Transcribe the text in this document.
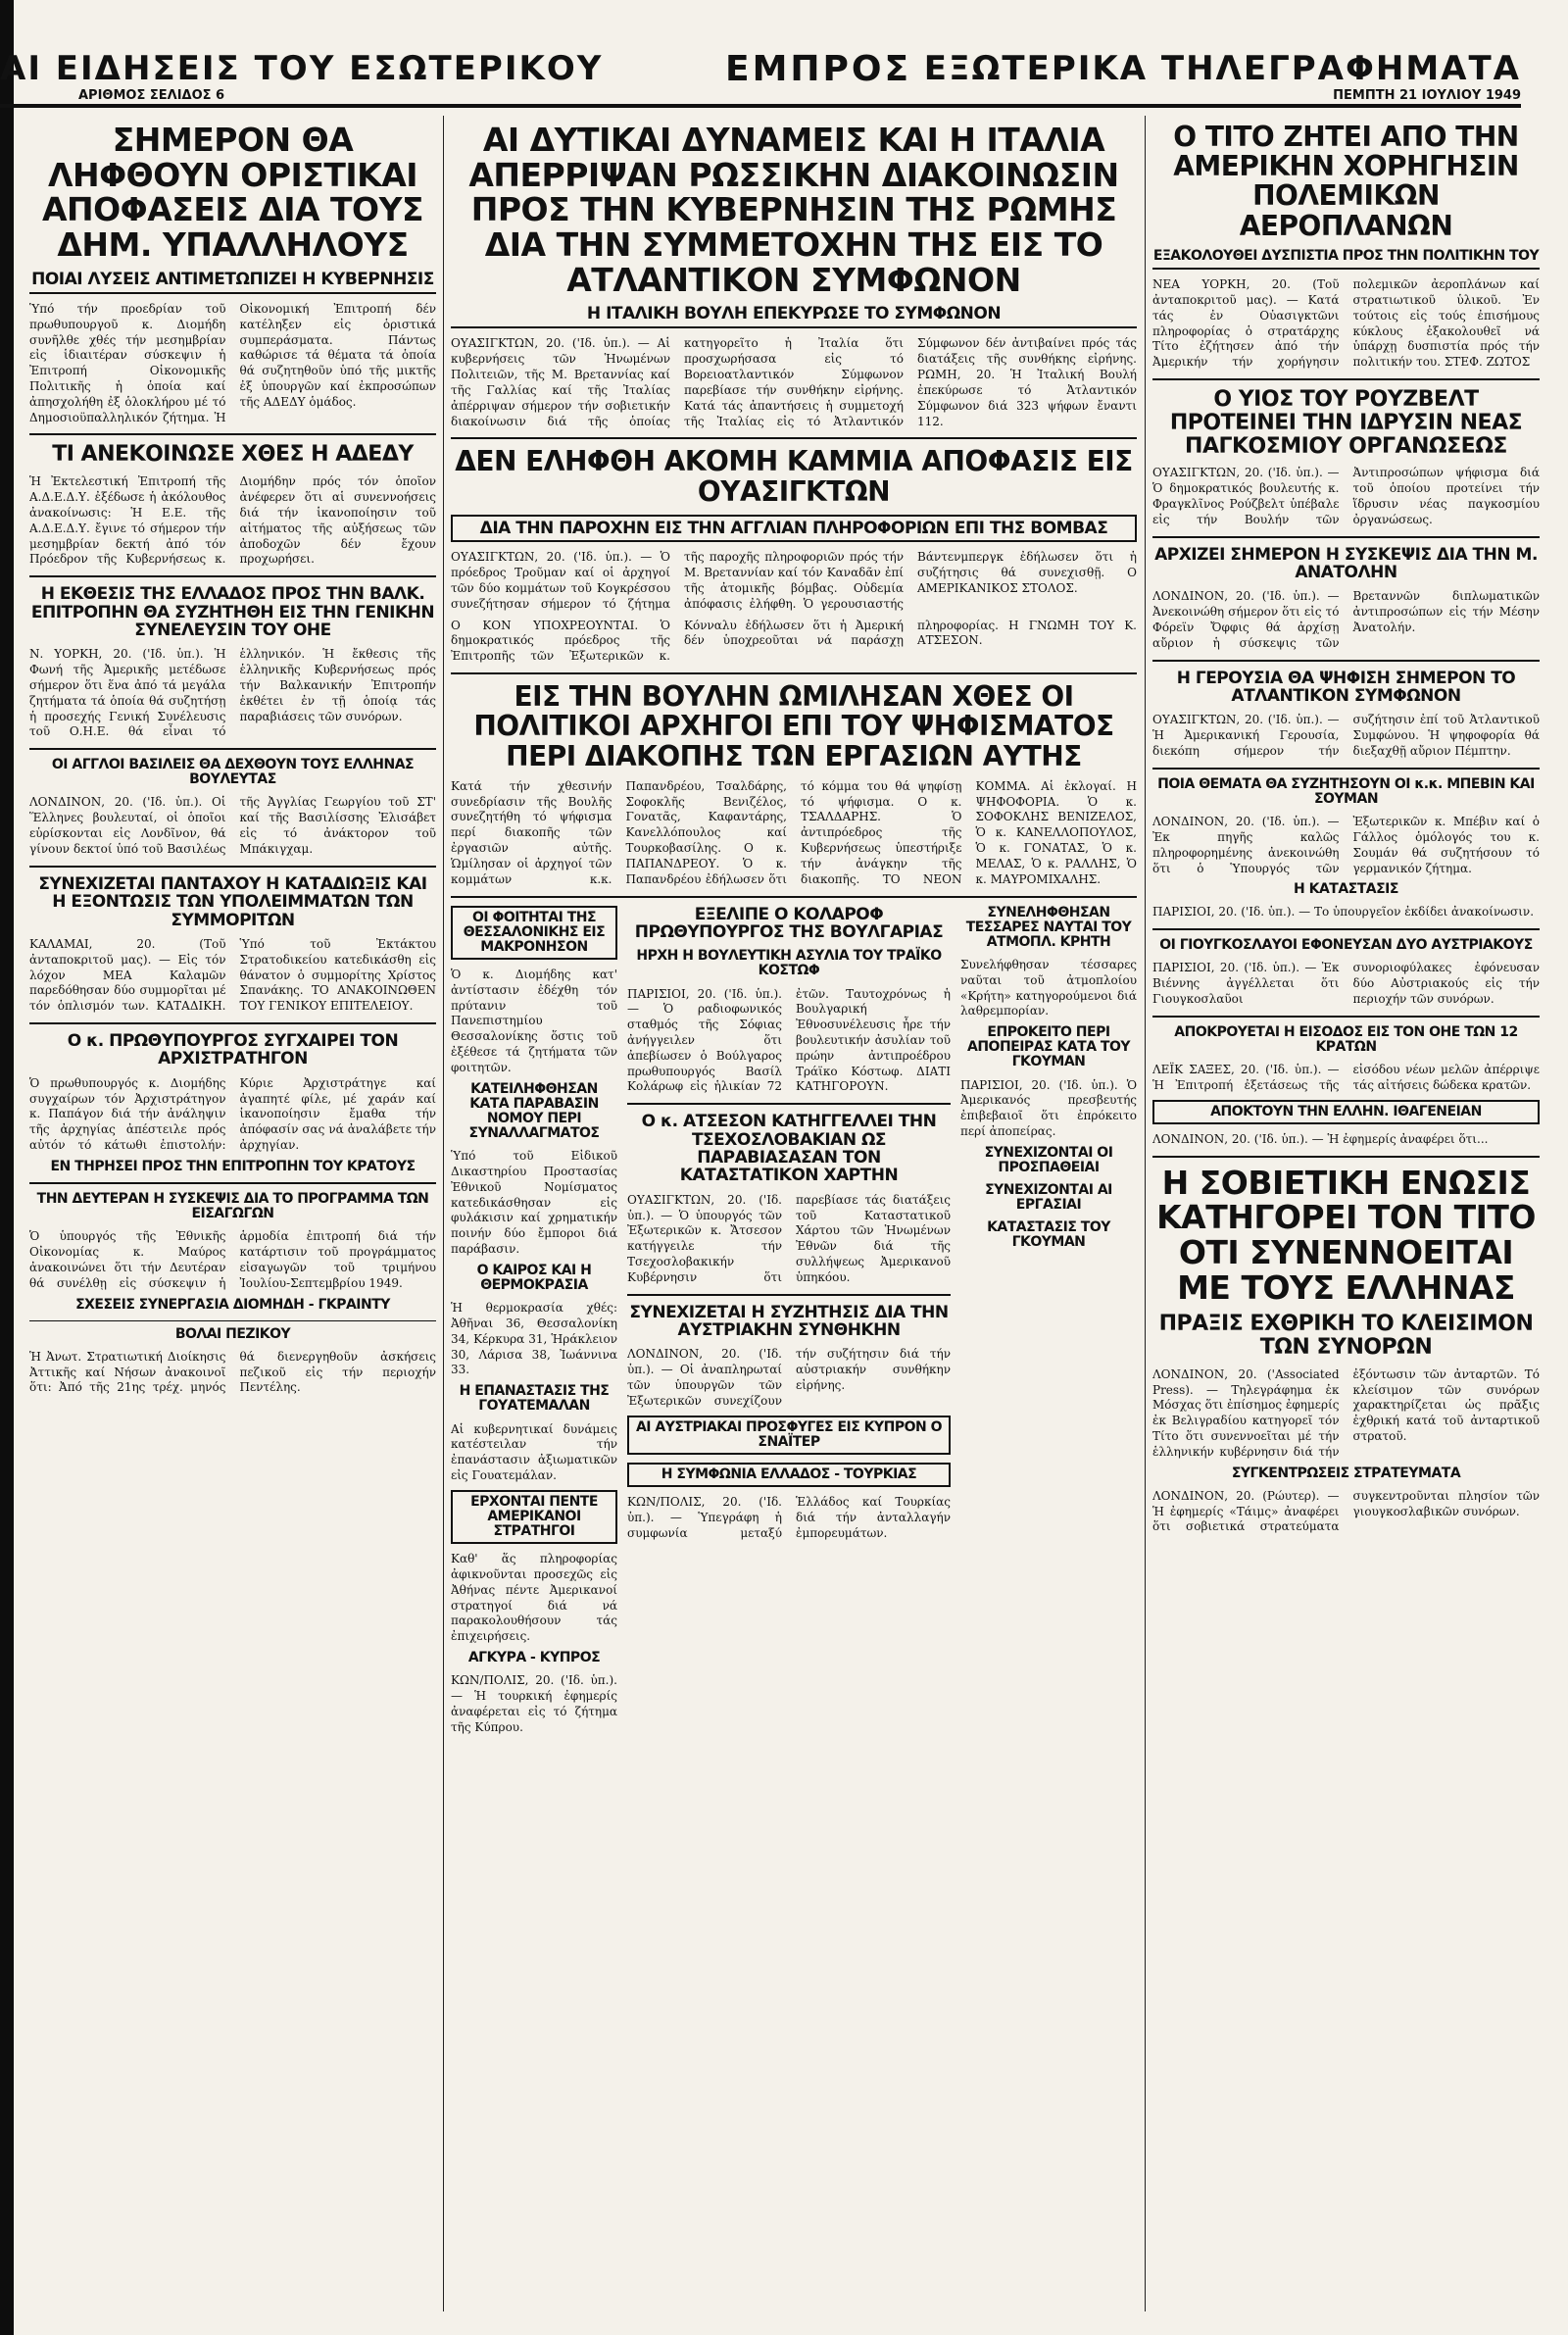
ΑΙ ΕΙΔΗΣΕΙΣ ΤΟΥ ΕΣΩΤΕΡΙΚΟΥ
ΑΡΙΘΜΟΣ ΣΕΛΙΔΟΣ 6
ΕΜΠΡΟΣ ΕΞΩΤΕΡΙΚΑ ΤΗΛΕΓΡΑΦΗΜΑΤΑ
ΠΕΜΠΤΗ 21 ΙΟΥΛΙΟΥ 1949
ΣΗΜΕΡΟΝ ΘΑ ΛΗΦΘΟΥΝ ΟΡΙΣΤΙΚΑΙ ΑΠΟΦΑΣΕΙΣ ΔΙΑ ΤΟΥΣ ΔΗΜ. ΥΠΑΛΛΗΛΟΥΣ
ΠΟΙΑΙ ΛΥΣΕΙΣ ΑΝΤΙΜΕΤΩΠΙΖΕΙ Η ΚΥΒΕΡΝΗΣΙΣ
Ὑπό τήν προεδρίαν τοῦ πρωθυπουργοῦ κ. Διομήδη συνῆλθε χθές τήν μεσημβρίαν εἰς ἱδιαιτέραν σύσκεψιν ἡ Ἐπιτροπή Οἰκονομικῆς Πολιτικῆς ἡ ὁποία καί ἀπησχολήθη ἐξ ὁλοκλήρου μέ τό Δημοσιοϋπαλληλικόν ζήτημα. Ἡ Οἰκονομική Ἐπιτροπή δέν κατέληξεν εἰς ὁριστικά συμπεράσματα. Πάντως καθώρισε τά θέματα τά ὁποία θά συζητηθοῦν ὑπό τῆς μικτῆς ἐξ ὑπουργῶν καί ἐκπροσώπων τῆς ΑΔΕΔΥ ὁμάδος.
ΤΙ ΑΝΕΚΟΙΝΩΣΕ ΧΘΕΣ Η ΑΔΕΔΥ
Ἡ Ἐκτελεστική Ἐπιτροπή τῆς Α.Δ.Ε.Δ.Υ. ἐξέδωσε ἡ ἀκόλουθος ἀνακοίνωσις: Ἡ Ε.Ε. τῆς Α.Δ.Ε.Δ.Υ. ἔγινε τό σήμερον τήν μεσημβρίαν δεκτή ἀπό τόν Πρόεδρον τῆς Κυβερνήσεως κ. Διομήδην πρός τόν ὁποῖον ἀνέφερεν ὅτι αἱ συνεννοήσεις διά τήν ἱκανοποίησιν τοῦ αἰτήματος τῆς αὐξήσεως τῶν ἀποδοχῶν δέν ἔχουν προχωρήσει.
Η ΕΚΘΕΣΙΣ ΤΗΣ ΕΛΛΑΔΟΣ ΠΡΟΣ ΤΗΝ ΒΑΛΚ. ΕΠΙΤΡΟΠΗΝ ΘΑ ΣΥΖΗΤΗΘΗ ΕΙΣ ΤΗΝ ΓΕΝΙΚΗΝ ΣΥΝΕΛΕΥΣΙΝ ΤΟΥ ΟΗΕ
Ν. ΥΟΡΚΗ, 20. ('Ιδ. ὑπ.). Ἡ Φωνή τῆς Ἀμερικῆς μετέδωσε σήμερον ὅτι ἕνα ἀπό τά μεγάλα ζητήματα τά ὁποία θά συζητήσῃ ἡ προσεχής Γενική Συνέλευσις τοῦ Ο.Η.Ε. θά εἶναι τό ἑλληνικόν. Ἡ ἔκθεσις τῆς ἑλληνικῆς Κυβερνήσεως πρός τήν Βαλκανικήν Ἐπιτροπήν ἐκθέτει ἐν τῇ ὁποίᾳ τάς παραβιάσεις τῶν συνόρων.
ΟΙ ΑΓΓΛΟΙ ΒΑΣΙΛΕΙΣ ΘΑ ΔΕΧΘΟΥΝ ΤΟΥΣ ΕΛΛΗΝΑΣ ΒΟΥΛΕΥΤΑΣ
ΛΟΝΔΙΝΟΝ, 20. ('Ιδ. ὑπ.). Οἱ Ἕλληνες βουλευταί, οἱ ὁποῖοι εὑρίσκονται εἰς Λονδῖνον, θά γίνουν δεκτοί ὑπό τοῦ Βασιλέως τῆς Ἀγγλίας Γεωργίου τοῦ ΣΤ' καί τῆς Βασιλίσσης Ἐλισάβετ εἰς τό ἀνάκτορον τοῦ Μπάκιγχαμ.
ΣΥΝΕΧΙΖΕΤΑΙ ΠΑΝΤΑΧΟΥ Η ΚΑΤΑΔΙΩΞΙΣ ΚΑΙ Η ΕΞΟΝΤΩΣΙΣ ΤΩΝ ΥΠΟΛΕΙΜΜΑΤΩΝ ΤΩΝ ΣΥΜΜΟΡΙΤΩΝ
ΚΑΛΑΜΑΙ, 20. (Τοῦ ἀνταποκριτοῦ μας). — Εἰς τόν λόχον ΜΕΑ Καλαμῶν παρεδόθησαν δύο συμμορῖται μέ τόν ὁπλισμόν των. ΚΑΤΑΔΙΚΗ. Ὑπό τοῦ Ἐκτάκτου Στρατοδικείου κατεδικάσθη εἰς θάνατον ὁ συμμορίτης Χρίστος Σπανάκης. ΤΟ ΑΝΑΚΟΙΝΩΘΕΝ ΤΟΥ ΓΕΝΙΚΟΥ ΕΠΙΤΕΛΕΙΟΥ.
Ο κ. ΠΡΩΘΥΠΟΥΡΓΟΣ ΣΥΓΧΑΙΡΕΙ ΤΟΝ ΑΡΧΙΣΤΡΑΤΗΓΟΝ
Ὁ πρωθυπουργός κ. Διομήδης συγχαίρων τόν Ἀρχιστράτηγον κ. Παπάγον διά τήν ἀνάληψιν τῆς ἀρχηγίας ἀπέστειλε πρός αὐτόν τό κάτωθι ἐπιστολήν: Κύριε Ἀρχιστράτηγε καί ἀγαπητέ φίλε, μέ χαράν καί ἱκανοποίησιν ἔμαθα τήν ἀπόφασίν σας νά ἀναλάβετε τήν ἀρχηγίαν.
ΕΝ ΤΗΡΗΣΕΙ ΠΡΟΣ ΤΗΝ ΕΠΙΤΡΟΠΗΝ ΤΟΥ ΚΡΑΤΟΥΣ
ΤΗΝ ΔΕΥΤΕΡΑΝ Η ΣΥΣΚΕΨΙΣ ΔΙΑ ΤΟ ΠΡΟΓΡΑΜΜΑ ΤΩΝ ΕΙΣΑΓΩΓΩΝ
Ὁ ὑπουργός τῆς Ἐθνικῆς Οἰκονομίας κ. Μαύρος ἀνακοινώνει ὅτι τήν Δευτέραν θά συνέλθῃ εἰς σύσκεψιν ἡ ἁρμοδία ἐπιτροπή διά τήν κατάρτισιν τοῦ προγράμματος εἰσαγωγῶν τοῦ τριμήνου Ἰουλίου-Σεπτεμβρίου 1949.
ΣΧΕΣΕΙΣ ΣΥΝΕΡΓΑΣΙΑ ΔΙΟΜΗΔΗ - ΓΚΡΑΙΝΤΥ
ΒΟΛΑΙ ΠΕΖΙΚΟΥ
Ἡ Ἀνωτ. Στρατιωτική Διοίκησις Ἀττικῆς καί Νήσων ἀνακοινοῖ ὅτι: Ἀπό τῆς 21ης τρέχ. μηνός θά διενεργηθοῦν ἀσκήσεις πεζικοῦ εἰς τήν περιοχήν Πεντέλης.
ΑΙ ΔΥΤΙΚΑΙ ΔΥΝΑΜΕΙΣ ΚΑΙ Η ΙΤΑΛΙΑ ΑΠΕΡΡΙΨΑΝ ΡΩΣΣΙΚΗΝ ΔΙΑΚΟΙΝΩΣΙΝ ΠΡΟΣ ΤΗΝ ΚΥΒΕΡΝΗΣΙΝ ΤΗΣ ΡΩΜΗΣ ΔΙΑ ΤΗΝ ΣΥΜΜΕΤΟΧΗΝ ΤΗΣ ΕΙΣ ΤΟ ΑΤΛΑΝΤΙΚΟΝ ΣΥΜΦΩΝΟΝ
Η ΙΤΑΛΙΚΗ ΒΟΥΛΗ ΕΠΕΚΥΡΩΣΕ ΤΟ ΣΥΜΦΩΝΟΝ
ΟΥΑΣΙΓΚΤΩΝ, 20. ('Ιδ. ὑπ.). — Αἱ κυβερνήσεις τῶν Ἡνωμένων Πολιτειῶν, τῆς Μ. Βρεταννίας καί τῆς Γαλλίας καί τῆς Ἰταλίας ἀπέρριψαν σήμερον τήν σοβιετικήν διακοίνωσιν διά τῆς ὁποίας κατηγορεῖτο ἡ Ἰταλία ὅτι προσχωρήσασα εἰς τό Βορειοατλαντικόν Σύμφωνον παρεβίασε τήν συνθήκην εἰρήνης. Κατά τάς ἀπαντήσεις ἡ συμμετοχή τῆς Ἰταλίας εἰς τό Ἀτλαντικόν Σύμφωνον δέν ἀντιβαίνει πρός τάς διατάξεις τῆς συνθήκης εἰρήνης. ΡΩΜΗ, 20. Ἡ Ἰταλική Βουλή ἐπεκύρωσε τό Ἀτλαντικόν Σύμφωνον διά 323 ψήφων ἔναντι 112.
ΔΕΝ ΕΛΗΦΘΗ ΑΚΟΜΗ ΚΑΜΜΙΑ ΑΠΟΦΑΣΙΣ ΕΙΣ ΟΥΑΣΙΓΚΤΩΝ
ΔΙΑ ΤΗΝ ΠΑΡΟΧΗΝ ΕΙΣ ΤΗΝ ΑΓΓΛΙΑΝ ΠΛΗΡΟΦΟΡΙΩΝ ΕΠΙ ΤΗΣ ΒΟΜΒΑΣ
ΟΥΑΣΙΓΚΤΩΝ, 20. ('Ιδ. ὑπ.). — Ὁ πρόεδρος Τροῦμαν καί οἱ ἀρχηγοί τῶν δύο κομμάτων τοῦ Κογκρέσσου συνεζήτησαν σήμερον τό ζήτημα τῆς παροχῆς πληροφοριῶν πρός τήν Μ. Βρεταννίαν καί τόν Καναδᾶν ἐπί τῆς ἀτομικῆς βόμβας. Οὐδεμία ἀπόφασις ἐλήφθη. Ὁ γερουσιαστής Βάντενμπεργκ ἐδήλωσεν ὅτι ἡ συζήτησις θά συνεχισθῇ. Ο ΑΜΕΡΙΚΑΝΙΚΟΣ ΣΤΟΛΟΣ.
Ο ΚΟΝ ΥΠΟΧΡΕΟΥΝΤΑΙ. Ὁ δημοκρατικός πρόεδρος τῆς Ἐπιτροπῆς τῶν Ἐξωτερικῶν κ. Κόνναλυ ἐδήλωσεν ὅτι ἡ Ἀμερική δέν ὑποχρεοῦται νά παράσχῃ πληροφορίας. Η ΓΝΩΜΗ ΤΟΥ Κ. ΑΤΣΕΣΟΝ.
ΕΙΣ ΤΗΝ ΒΟΥΛΗΝ ΩΜΙΛΗΣΑΝ ΧΘΕΣ ΟΙ ΠΟΛΙΤΙΚΟΙ ΑΡΧΗΓΟΙ ΕΠΙ ΤΟΥ ΨΗΦΙΣΜΑΤΟΣ ΠΕΡΙ ΔΙΑΚΟΠΗΣ ΤΩΝ ΕΡΓΑΣΙΩΝ ΑΥΤΗΣ
Κατά τήν χθεσινήν συνεδρίασιν τῆς Βουλῆς συνεζητήθη τό ψήφισμα περί διακοπῆς τῶν ἐργασιῶν αὐτῆς. Ὡμίλησαν οἱ ἀρχηγοί τῶν κομμάτων κ.κ. Παπανδρέου, Τσαλδάρης, Σοφοκλῆς Βενιζέλος, Γονατᾶς, Καφαντάρης, Κανελλόπουλος καί Τουρκοβασίλης. Ο κ. ΠΑΠΑΝΔΡΕΟΥ. Ὁ κ. Παπανδρέου ἐδήλωσεν ὅτι τό κόμμα του θά ψηφίσῃ τό ψήφισμα. Ο κ. ΤΣΑΛΔΑΡΗΣ. Ὁ ἀντιπρόεδρος τῆς Κυβερνήσεως ὑπεστήριξε τήν ἀνάγκην τῆς διακοπῆς. ΤΟ ΝΕΟΝ ΚΟΜΜΑ. Αἱ ἐκλογαί. Η ΨΗΦΟΦΟΡΙΑ. Ὁ κ. ΣΟΦΟΚΛΗΣ ΒΕΝΙΖΕΛΟΣ, Ὁ κ. ΚΑΝΕΛΛΟΠΟΥΛΟΣ, Ὁ κ. ΓΟΝΑΤΑΣ, Ὁ κ. ΜΕΛΑΣ, Ὁ κ. ΡΑΛΛΗΣ, Ὁ κ. ΜΑΥΡΟΜΙΧΑΛΗΣ.
ΟΙ ΦΟΙΤΗΤΑΙ ΤΗΣ ΘΕΣΣΑΛΟΝΙΚΗΣ ΕΙΣ ΜΑΚΡΟΝΗΣΟΝ
Ὁ κ. Διομήδης κατ' ἀντίστασιν ἐδέχθη τόν πρύτανιν τοῦ Πανεπιστημίου Θεσσαλονίκης ὅστις τοῦ ἐξέθεσε τά ζητήματα τῶν φοιτητῶν.
ΚΑΤΕΙΛΗΦΘΗΣΑΝ ΚΑΤΑ ΠΑΡΑΒΑΣΙΝ ΝΟΜΟΥ ΠΕΡΙ ΣΥΝΑΛΛΑΓΜΑΤΟΣ
Ὑπό τοῦ Εἰδικοῦ Δικαστηρίου Προστασίας Ἐθνικοῦ Νομίσματος κατεδικάσθησαν εἰς φυλάκισιν καί χρηματικήν ποινήν δύο ἔμποροι διά παράβασιν.
Ο ΚΑΙΡΟΣ ΚΑΙ Η ΘΕΡΜΟΚΡΑΣΙΑ
Ἡ θερμοκρασία χθές: Ἀθῆναι 36, Θεσσαλονίκη 34, Κέρκυρα 31, Ἡράκλειον 30, Λάρισα 38, Ἰωάννινα 33.
Η ΕΠΑΝΑΣΤΑΣΙΣ ΤΗΣ ΓΟΥΑΤΕΜΑΛΑΝ
Αἱ κυβερνητικαί δυνάμεις κατέστειλαν τήν ἐπανάστασιν ἀξιωματικῶν εἰς Γουατεμάλαν.
ΕΡΧΟΝΤΑΙ ΠΕΝΤΕ ΑΜΕΡΙΚΑΝΟΙ ΣΤΡΑΤΗΓΟΙ
Καθ' ἅς πληροφορίας ἀφικνοῦνται προσεχῶς εἰς Ἀθήνας πέντε Ἀμερικανοί στρατηγοί διά νά παρακολουθήσουν τάς ἐπιχειρήσεις.
ΑΓΚΥΡΑ - ΚΥΠΡΟΣ
ΚΩΝ/ΠΟΛΙΣ, 20. ('Ιδ. ὑπ.). — Ἡ τουρκική ἐφημερίς ἀναφέρεται εἰς τό ζήτημα τῆς Κύπρου.
ΕΞΕΛΙΠΕ Ο ΚΟΛΑΡΟΦ ΠΡΩΘΥΠΟΥΡΓΟΣ ΤΗΣ ΒΟΥΛΓΑΡΙΑΣ
ΗΡΧΗ Η ΒΟΥΛΕΥΤΙΚΗ ΑΣΥΛΙΑ ΤΟΥ ΤΡΑΪΚΟ ΚΟΣΤΩΦ
ΠΑΡΙΣΙΟΙ, 20. ('Ιδ. ὑπ.). — Ὁ ραδιοφωνικός σταθμός τῆς Σόφιας ἀνήγγειλεν ὅτι ἀπεβίωσεν ὁ Βούλγαρος πρωθυπουργός Βασίλ Κολάρωφ εἰς ἡλικίαν 72 ἐτῶν. Ταυτοχρόνως ἡ Βουλγαρική Ἐθνοσυνέλευσις ἦρε τήν βουλευτικήν ἀσυλίαν τοῦ πρώην ἀντιπροέδρου Τράϊκο Κόστωφ. ΔΙΑΤΙ ΚΑΤΗΓΟΡΟΥΝ.
Ο κ. ΑΤΣΕΣΟΝ ΚΑΤΗΓΓΕΛΛΕΙ ΤΗΝ ΤΣΕΧΟΣΛΟΒΑΚΙΑΝ ΩΣ ΠΑΡΑΒΙΑΣΑΣΑΝ ΤΟΝ ΚΑΤΑΣΤΑΤΙΚΟΝ ΧΑΡΤΗΝ
ΟΥΑΣΙΓΚΤΩΝ, 20. ('Ιδ. ὑπ.). — Ὁ ὑπουργός τῶν Ἐξωτερικῶν κ. Ἄτσεσον κατήγγειλε τήν Τσεχοσλοβακικήν Κυβέρνησιν ὅτι παρεβίασε τάς διατάξεις τοῦ Καταστατικοῦ Χάρτου τῶν Ἡνωμένων Ἐθνῶν διά τῆς συλλήψεως Ἀμερικανοῦ ὑπηκόου.
ΣΥΝΕΧΙΖΕΤΑΙ Η ΣΥΖΗΤΗΣΙΣ ΔΙΑ ΤΗΝ ΑΥΣΤΡΙΑΚΗΝ ΣΥΝΘΗΚΗΝ
ΛΟΝΔΙΝΟΝ, 20. ('Ιδ. ὑπ.). — Οἱ ἀναπληρωταί τῶν ὑπουργῶν τῶν Ἐξωτερικῶν συνεχίζουν τήν συζήτησιν διά τήν αὐστριακήν συνθήκην εἰρήνης.
ΑΙ ΑΥΣΤΡΙΑΚΑΙ ΠΡΟΣΦΥΓΕΣ ΕΙΣ ΚΥΠΡΟΝ Ο ΣΝΑΪΤΕΡ
Η ΣΥΜΦΩΝΙΑ ΕΛΛΑΔΟΣ - ΤΟΥΡΚΙΑΣ
ΚΩΝ/ΠΟΛΙΣ, 20. ('Ιδ. ὑπ.). — Ὑπεγράφη ἡ συμφωνία μεταξύ Ἑλλάδος καί Τουρκίας διά τήν ἀνταλλαγήν ἐμπορευμάτων.
ΣΥΝΕΛΗΦΘΗΣΑΝ ΤΕΣΣΑΡΕΣ ΝΑΥΤΑΙ ΤΟΥ ΑΤΜΟΠΛ. ΚΡΗΤΗ
Συνελήφθησαν τέσσαρες ναῦται τοῦ ἀτμοπλοίου «Κρήτη» κατηγορούμενοι διά λαθρεμπορίαν.
ΕΠΡΟΚΕΙΤΟ ΠΕΡΙ ΑΠΟΠΕΙΡΑΣ ΚΑΤΑ ΤΟΥ ΓΚΟΥΜΑΝ
ΠΑΡΙΣΙΟΙ, 20. ('Ιδ. ὑπ.). Ὁ Ἀμερικανός πρεσβευτής ἐπιβεβαιοῖ ὅτι ἐπρόκειτο περί ἀποπείρας.
ΣΥΝΕΧΙΖΟΝΤΑΙ ΟΙ ΠΡΟΣΠΑΘΕΙΑΙ
ΣΥΝΕΧΙΖΟΝΤΑΙ ΑΙ ΕΡΓΑΣΙΑΙ
ΚΑΤΑΣΤΑΣΙΣ ΤΟΥ ΓΚΟΥΜΑΝ
Ο ΤΙΤΟ ΖΗΤΕΙ ΑΠΟ ΤΗΝ ΑΜΕΡΙΚΗΝ ΧΟΡΗΓΗΣΙΝ ΠΟΛΕΜΙΚΩΝ ΑΕΡΟΠΛΑΝΩΝ
ΕΞΑΚΟΛΟΥΘΕΙ ΔΥΣΠΙΣΤΙΑ ΠΡΟΣ ΤΗΝ ΠΟΛΙΤΙΚΗΝ ΤΟΥ
ΝΕΑ ΥΟΡΚΗ, 20. (Τοῦ ἀνταποκριτοῦ μας). — Κατά τάς ἐν Οὐασιγκτῶνι πληροφορίας ὁ στρατάρχης Τίτο ἐζήτησεν ἀπό τήν Ἀμερικήν τήν χορήγησιν πολεμικῶν ἀεροπλάνων καί στρατιωτικοῦ ὑλικοῦ. Ἐν τούτοις εἰς τούς ἐπισήμους κύκλους ἐξακολουθεῖ νά ὑπάρχῃ δυσπιστία πρός τήν πολιτικήν του. ΣΤΕΦ. ΖΩΤΟΣ
Ο ΥΙΟΣ ΤΟΥ ΡΟΥΖΒΕΛΤ ΠΡΟΤΕΙΝΕΙ ΤΗΝ ΙΔΡΥΣΙΝ ΝΕΑΣ ΠΑΓΚΟΣΜΙΟΥ ΟΡΓΑΝΩΣΕΩΣ
ΟΥΑΣΙΓΚΤΩΝ, 20. ('Ιδ. ὑπ.). — Ὁ δημοκρατικός βουλευτής κ. Φραγκλῖνος Ρούζβελτ ὑπέβαλε εἰς τήν Βουλήν τῶν Ἀντιπροσώπων ψήφισμα διά τοῦ ὁποίου προτείνει τήν ἵδρυσιν νέας παγκοσμίου ὀργανώσεως.
ΑΡΧΙΖΕΙ ΣΗΜΕΡΟΝ Η ΣΥΣΚΕΨΙΣ ΔΙΑ ΤΗΝ Μ. ΑΝΑΤΟΛΗΝ
ΛΟΝΔΙΝΟΝ, 20. ('Ιδ. ὑπ.). — Ἀνεκοινώθη σήμερον ὅτι εἰς τό Φόρεϊν Ὄφφις θά ἀρχίσῃ αὔριον ἡ σύσκεψις τῶν Βρεταννῶν διπλωματικῶν ἀντιπροσώπων εἰς τήν Μέσην Ἀνατολήν.
Η ΓΕΡΟΥΣΙΑ ΘΑ ΨΗΦΙΣΗ ΣΗΜΕΡΟΝ ΤΟ ΑΤΛΑΝΤΙΚΟΝ ΣΥΜΦΩΝΟΝ
ΟΥΑΣΙΓΚΤΩΝ, 20. ('Ιδ. ὑπ.). — Ἡ Ἀμερικανική Γερουσία, διεκόπη σήμερον τήν συζήτησιν ἐπί τοῦ Ἀτλαντικοῦ Συμφώνου. Ἡ ψηφοφορία θά διεξαχθῇ αὔριον Πέμπτην.
ΠΟΙΑ ΘΕΜΑΤΑ ΘΑ ΣΥΖΗΤΗΣΟΥΝ ΟΙ κ.κ. ΜΠΕΒΙΝ ΚΑΙ ΣΟΥΜΑΝ
ΛΟΝΔΙΝΟΝ, 20. ('Ιδ. ὑπ.). — Ἐκ πηγῆς καλῶς πληροφορημένης ἀνεκοινώθη ὅτι ὁ Ὑπουργός τῶν Ἐξωτερικῶν κ. Μπέβιν καί ὁ Γάλλος ὁμόλογός του κ. Σουμάν θά συζητήσουν τό γερμανικόν ζήτημα.
Η ΚΑΤΑΣΤΑΣΙΣ
ΠΑΡΙΣΙΟΙ, 20. ('Ιδ. ὑπ.). — Το ὑπουργεῖον ἐκδίδει ἀνακοίνωσιν.
ΟΙ ΓΙΟΥΓΚΟΣΛΑΥΟΙ ΕΦΟΝΕΥΣΑΝ ΔΥΟ ΑΥΣΤΡΙΑΚΟΥΣ
ΠΑΡΙΣΙΟΙ, 20. ('Ιδ. ὑπ.). — Ἐκ Βιέννης ἀγγέλλεται ὅτι Γιουγκοσλαῦοι συνοριοφύλακες ἐφόνευσαν δύο Αὐστριακούς εἰς τήν περιοχήν τῶν συνόρων.
ΑΠΟΚΡΟΥΕΤΑΙ Η ΕΙΣΟΔΟΣ ΕΙΣ ΤΟΝ ΟΗΕ ΤΩΝ 12 ΚΡΑΤΩΝ
ΛΕΪΚ ΣΑΞΕΣ, 20. ('Ιδ. ὑπ.). — Ἡ Ἐπιτροπή ἐξετάσεως τῆς εἰσόδου νέων μελῶν ἀπέρριψε τάς αἰτήσεις δώδεκα κρατῶν.
ΑΠΟΚΤΟΥΝ ΤΗΝ ΕΛΛΗΝ. ΙΘΑΓΕΝΕΙΑΝ
ΛΟΝΔΙΝΟΝ, 20. ('Ιδ. ὑπ.). — Ἡ ἐφημερίς ἀναφέρει ὅτι...
Η ΣΟΒΙΕΤΙΚΗ ΕΝΩΣΙΣ ΚΑΤΗΓΟΡΕΙ ΤΟΝ ΤΙΤΟ ΟΤΙ ΣΥΝΕΝΝΟΕΙΤΑΙ ΜΕ ΤΟΥΣ ΕΛΛΗΝΑΣ
ΠΡΑΞΙΣ ΕΧΘΡΙΚΗ ΤΟ ΚΛΕΙΣΙΜΟΝ ΤΩΝ ΣΥΝΟΡΩΝ
ΛΟΝΔΙΝΟΝ, 20. ('Associated Press). — Τηλεγράφημα ἐκ Μόσχας ὅτι ἐπίσημος ἐφημερίς ἐκ Βελιγραδίου κατηγορεῖ τόν Τίτο ὅτι συνεννοεῖται μέ τήν ἑλληνικήν κυβέρνησιν διά τήν ἐξόντωσιν τῶν ἀνταρτῶν. Τό κλείσιμον τῶν συνόρων χαρακτηρίζεται ὡς πρᾶξις ἐχθρική κατά τοῦ ἀνταρτικοῦ στρατοῦ.
ΣΥΓΚΕΝΤΡΩΣΕΙΣ ΣΤΡΑΤΕΥΜΑΤΑ
ΛΟΝΔΙΝΟΝ, 20. (Ρώυτερ). — Ἡ ἐφημερίς «Τάιμς» ἀναφέρει ὅτι σοβιετικά στρατεύματα συγκεντροῦνται πλησίον τῶν γιουγκοσλαβικῶν συνόρων.
